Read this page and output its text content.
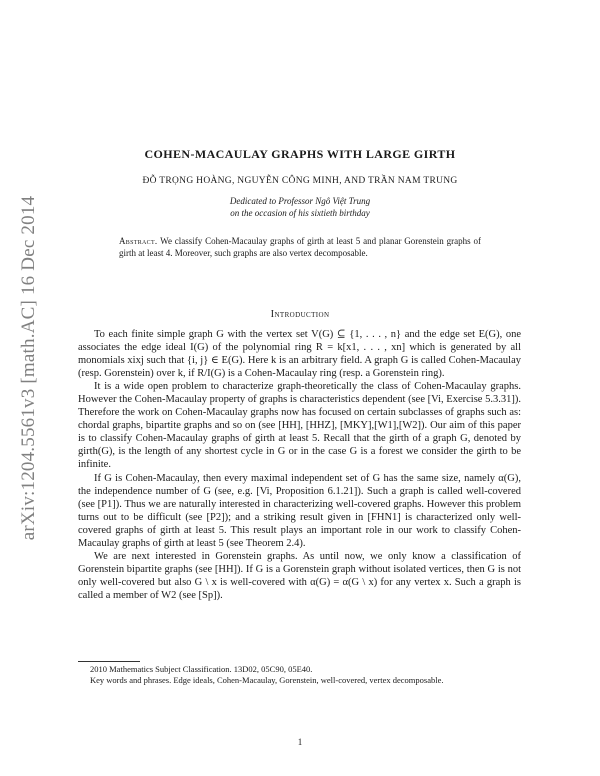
arXiv:1204.5561v3 [math.AC] 16 Dec 2014
COHEN-MACAULAY GRAPHS WITH LARGE GIRTH
ĐỖ TRỌNG HOÀNG, NGUYỄN CÔNG MINH, AND TRẦN NAM TRUNG
Dedicated to Professor Ngô Việt Trung
on the occasion of his sixtieth birthday
Abstract. We classify Cohen-Macaulay graphs of girth at least 5 and planar Gorenstein graphs of girth at least 4. Moreover, such graphs are also vertex decomposable.
Introduction

To each finite simple graph G with the vertex set V(G) ⊆ {1, . . . , n} and the edge set E(G), one associates the edge ideal I(G) of the polynomial ring R = k[x1, . . . , xn] which is generated by all monomials xixj such that {i, j} ∈ E(G). Here k is an arbitrary field. A graph G is called Cohen-Macaulay (resp. Gorenstein) over k, if R/I(G) is a Cohen-Macaulay ring (resp. a Gorenstein ring).

It is a wide open problem to characterize graph-theoretically the class of Cohen-Macaulay graphs. However the Cohen-Macaulay property of graphs is characteristics dependent (see [Vi, Exercise 5.3.31]). Therefore the work on Cohen-Macaulay graphs now has focused on certain subclasses of graphs such as: chordal graphs, bipartite graphs and so on (see [HH], [HHZ], [MKY],[W1],[W2]). Our aim of this paper is to classify Cohen-Macaulay graphs of girth at least 5. Recall that the girth of a graph G, denoted by girth(G), is the length of any shortest cycle in G or in the case G is a forest we consider the girth to be infinite.

If G is Cohen-Macaulay, then every maximal independent set of G has the same size, namely α(G), the independence number of G (see, e.g. [Vi, Proposition 6.1.21]). Such a graph is called well-covered (see [P1]). Thus we are naturally interested in characterizing well-covered graphs. However this problem turns out to be difficult (see [P2]); and a striking result given in [FHN1] is characterized only well-covered graphs of girth at least 5. This result plays an important role in our work to classify Cohen-Macaulay graphs of girth at least 5 (see Theorem 2.4).

We are next interested in Gorenstein graphs. As until now, we only know a classification of Gorenstein bipartite graphs (see [HH]). If G is a Gorenstein graph without isolated vertices, then G is not only well-covered but also G \ x is well-covered with α(G) = α(G \ x) for any vertex x. Such a graph is called a member of W2 (see [Sp]).

2010 Mathematics Subject Classification. 13D02, 05C90, 05E40.

Key words and phrases. Edge ideals, Cohen-Macaulay, Gorenstein, well-covered, vertex decomposable.

1
